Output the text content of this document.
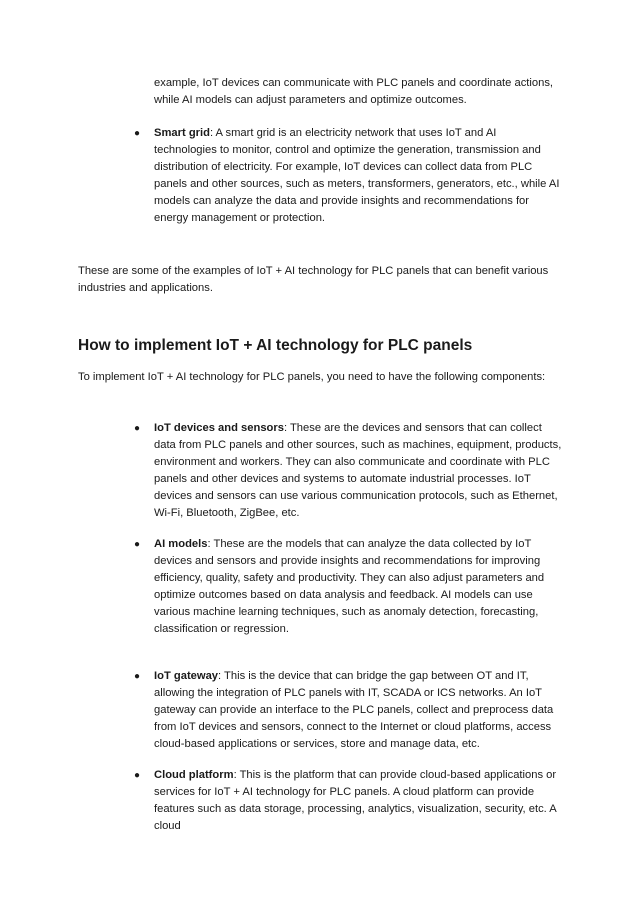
example, IoT devices can communicate with PLC panels and coordinate actions, while AI models can adjust parameters and optimize outcomes.

● Smart grid: A smart grid is an electricity network that uses IoT and AI technologies to monitor, control and optimize the generation, transmission and distribution of electricity. For example, IoT devices can collect data from PLC panels and other sources, such as meters, transformers, generators, etc., while AI models can analyze the data and provide insights and recommendations for energy management or protection.

These are some of the examples of IoT + AI technology for PLC panels that can benefit various industries and applications.

How to implement IoT + AI technology for PLC panels

To implement IoT + AI technology for PLC panels, you need to have the following components:

● IoT devices and sensors: These are the devices and sensors that can collect data from PLC panels and other sources, such as machines, equipment, products, environment and workers. They can also communicate and coordinate with PLC panels and other devices and systems to automate industrial processes. IoT devices and sensors can use various communication protocols, such as Ethernet, Wi-Fi, Bluetooth, ZigBee, etc.
● AI models: These are the models that can analyze the data collected by IoT devices and sensors and provide insights and recommendations for improving efficiency, quality, safety and productivity. They can also adjust parameters and optimize outcomes based on data analysis and feedback. AI models can use various machine learning techniques, such as anomaly detection, forecasting, classification or regression.
● IoT gateway: This is the device that can bridge the gap between OT and IT, allowing the integration of PLC panels with IT, SCADA or ICS networks. An IoT gateway can provide an interface to the PLC panels, collect and preprocess data from IoT devices and sensors, connect to the Internet or cloud platforms, access cloud-based applications or services, store and manage data, etc.
● Cloud platform: This is the platform that can provide cloud-based applications or services for IoT + AI technology for PLC panels. A cloud platform can provide features such as data storage, processing, analytics, visualization, security, etc. A cloud
